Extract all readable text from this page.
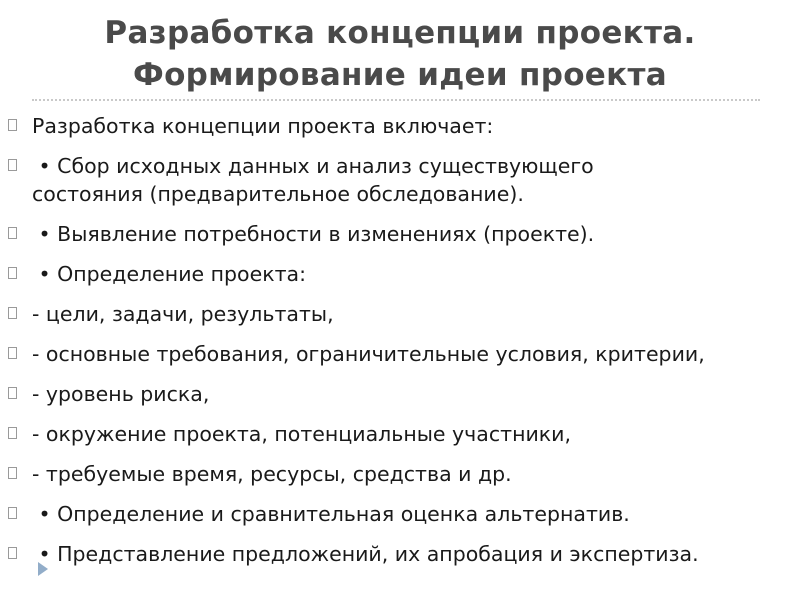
Разработка концепции проекта.
Формирование идеи проекта
Разработка концепции проекта включает:
• Сбор исходных данных и анализ существующего
состояния (предварительное обследование).
• Выявление потребности в изменениях (проекте).
• Определение проекта:
- цели, задачи, результаты,
- основные требования, ограничительные условия, критерии,
- уровень риска,
- окружение проекта, потенциальные участники,
- требуемые время, ресурсы, средства и др.
• Определение и сравнительная оценка альтернатив.
• Представление предложений, их апробация и экспертиза.
